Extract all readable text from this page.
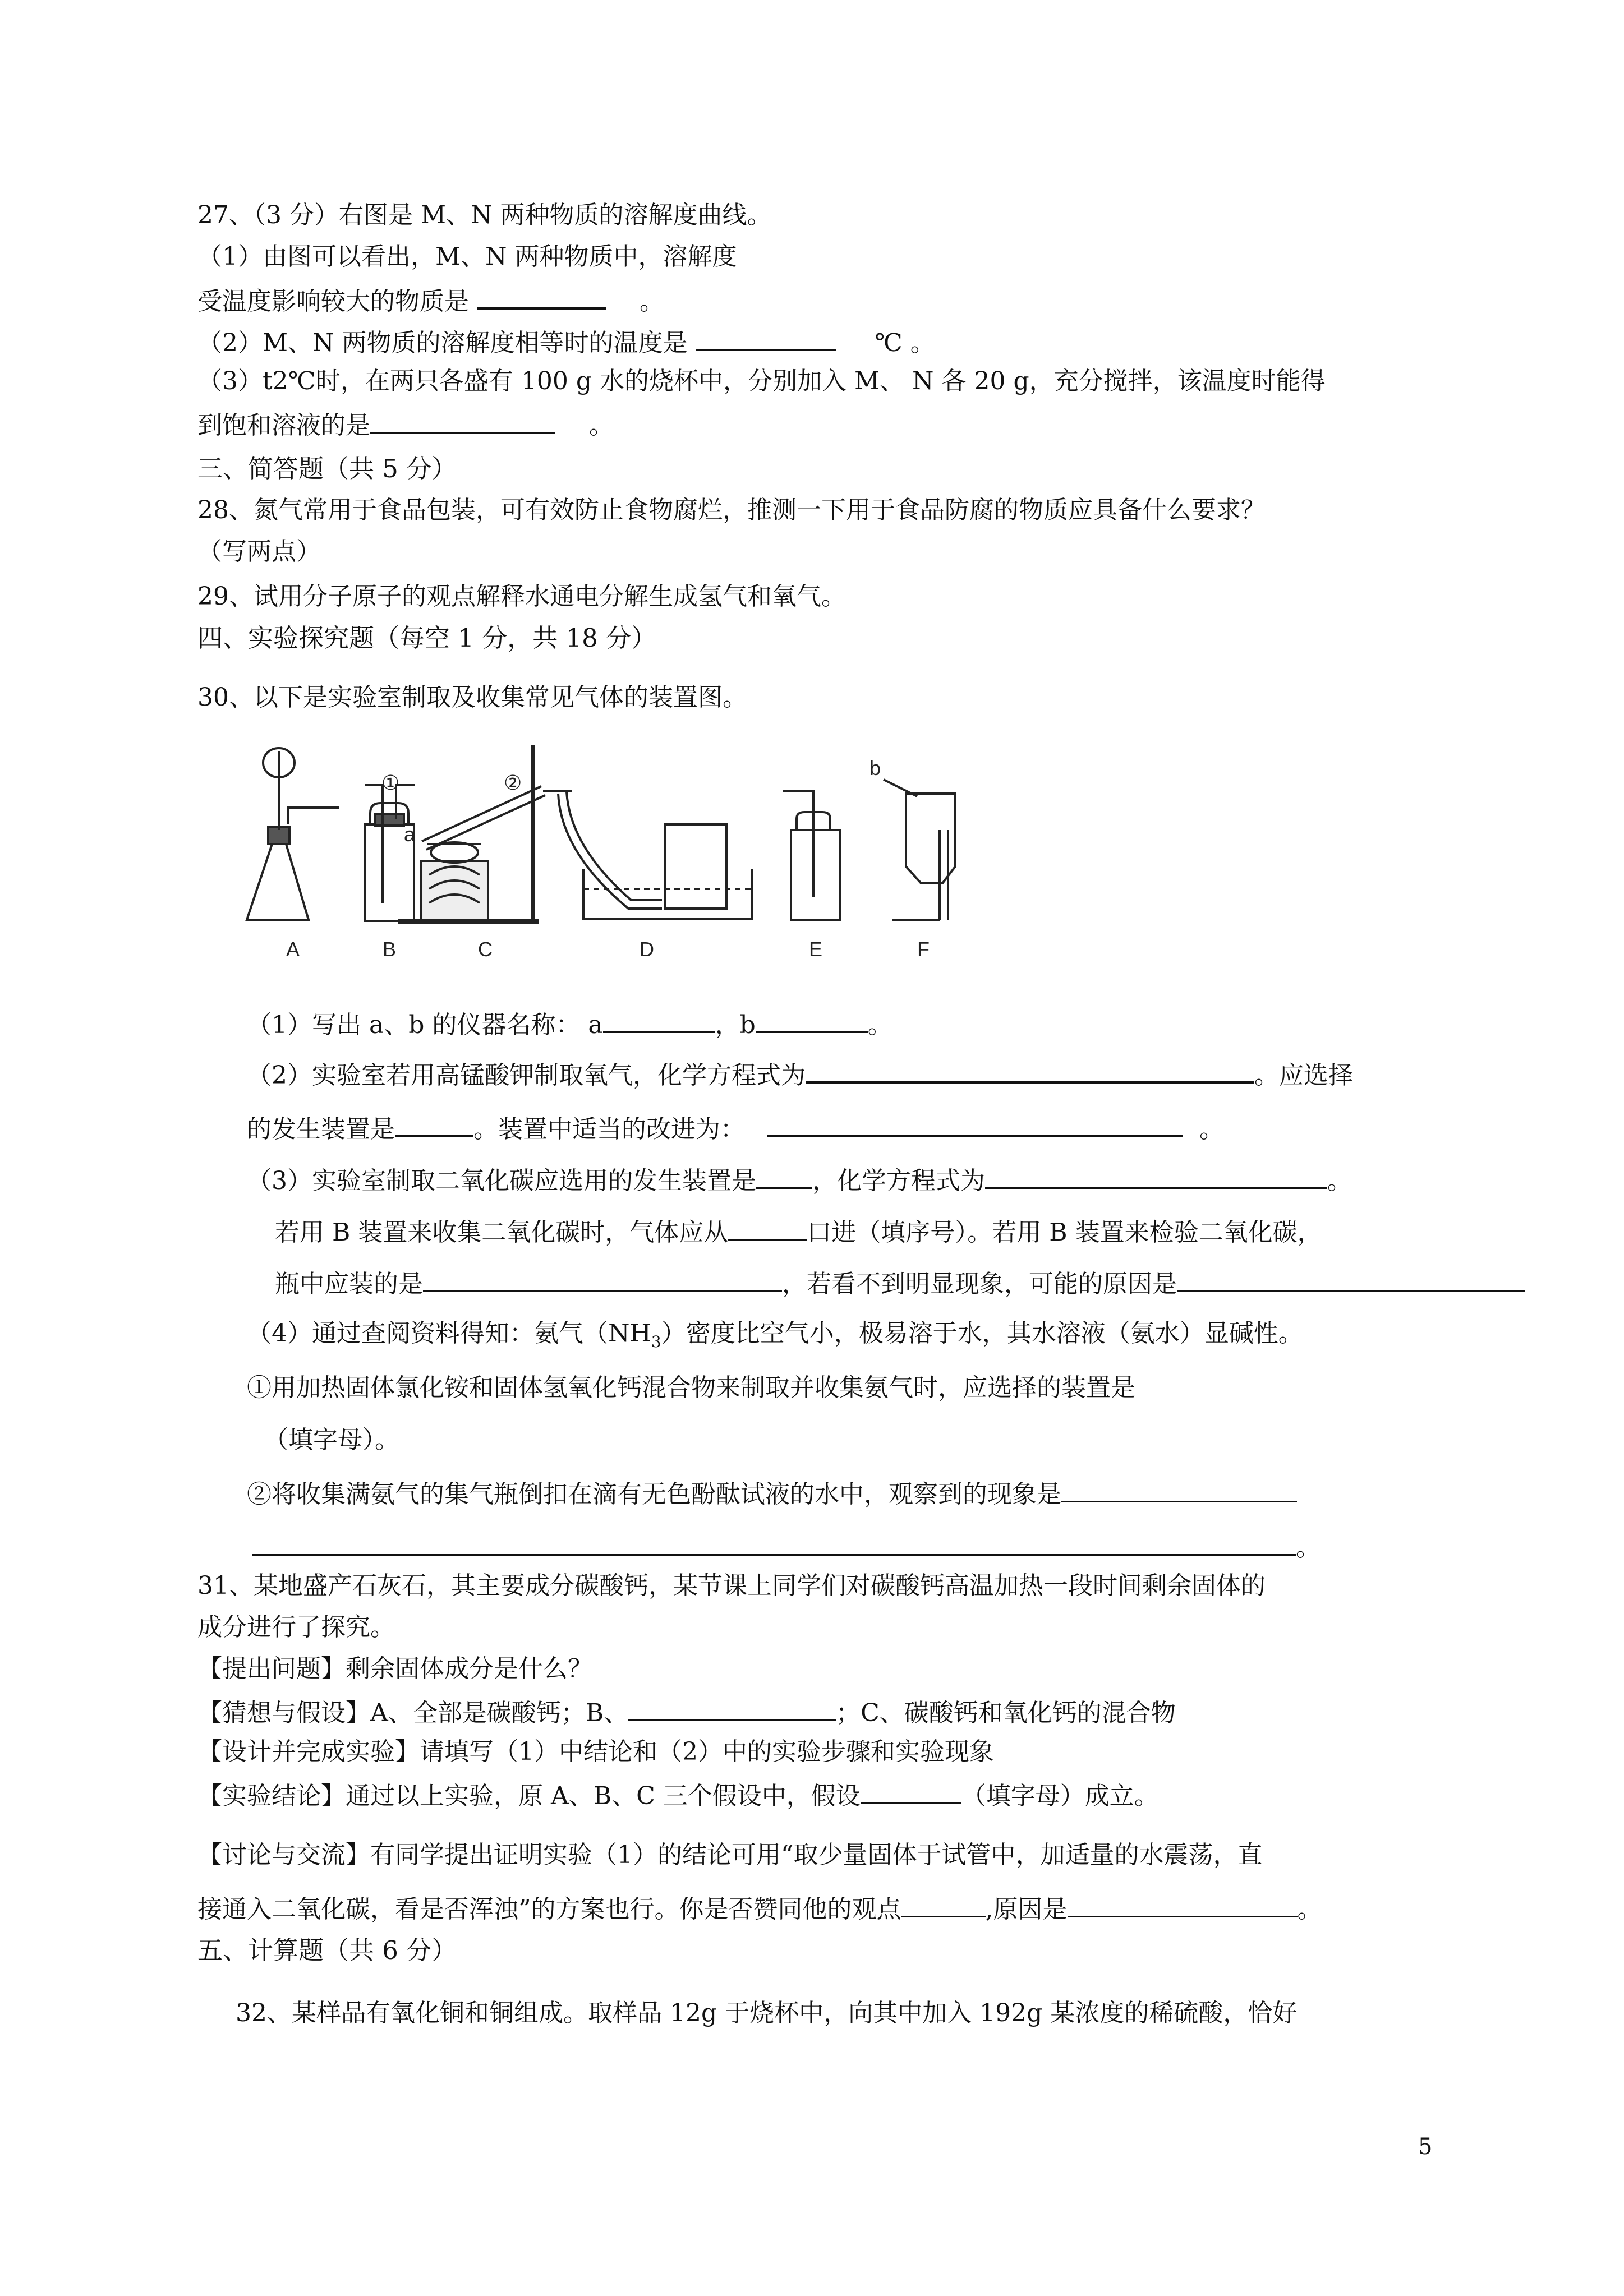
27、（3 分）右图是 M、N 两种物质的溶解度曲线。
（1）由图可以看出，M、N 两种物质中，溶解度
受温度影响较大的物质是	。
（2）M、N 两物质的溶解度相等时的温度是	℃ 。
（3）t2℃时，在两只各盛有 100 g 水的烧杯中，分别加入 M、 N 各 20 g，充分搅拌，该温度时能得
到饱和溶液的是	。
三、简答题（共 5 分）
28、氮气常用于食品包装，可有效防止食物腐烂，推测一下用于食品防腐的物质应具备什么要求？
（写两点）
29、试用分子原子的观点解释水通电分解生成氢气和氧气。
四、实验探究题（每空 1 分，共 18 分）
30、以下是实验室制取及收集常见气体的装置图。
A	B	C	D	E	F
a
b
①	②
（1）写出 a、b 的仪器名称： a	，b	。
（2）实验室若用高锰酸钾制取氧气，化学方程式为	。应选择
的发生装置是	。装置中适当的改进为：	。
（3）实验室制取二氧化碳应选用的发生装置是 ，化学方程式为	。
若用 B 装置来收集二氧化碳时，气体应从	口进（填序号）。若用 B 装置来检验二氧化碳，
瓶中应装的是	，若看不到明显现象，可能的原因是
（4）通过查阅资料得知：氨气$(NH_3)$密度比空气小，极易溶于水，其水溶液（氨水）显碱性。
①用加热固体氯化铵和固体氢氧化钙混合物来制取并收集氨气时，应选择的装置是
（填字母）。
②将收集满氨气的集气瓶倒扣在滴有无色酚酞试液的水中，观察到的现象是
。
31、某地盛产石灰石，其主要成分碳酸钙，某节课上同学们对碳酸钙高温加热一段时间剩余固体的
成分进行了探究。
【提出问题】剩余固体成分是什么？
【猜想与假设】A、全部是碳酸钙；B、	；C、碳酸钙和氧化钙的混合物
【设计并完成实验】请填写（1）中结论和（2）中的实验步骤和实验现象
【实验结论】通过以上实验，原 A、B、C 三个假设中，假设	（填字母）成立。
【讨论与交流】有同学提出证明实验（1）的结论可用“取少量固体于试管中，加适量的水震荡，直
接通入二氧化碳，看是否浑浊”的方案也行。你是否赞同他的观点	,原因是	。
五、计算题（共 6 分）
32、某样品有氧化铜和铜组成。取样品 12g 于烧杯中，向其中加入 192g 某浓度的稀硫酸，恰好
5
